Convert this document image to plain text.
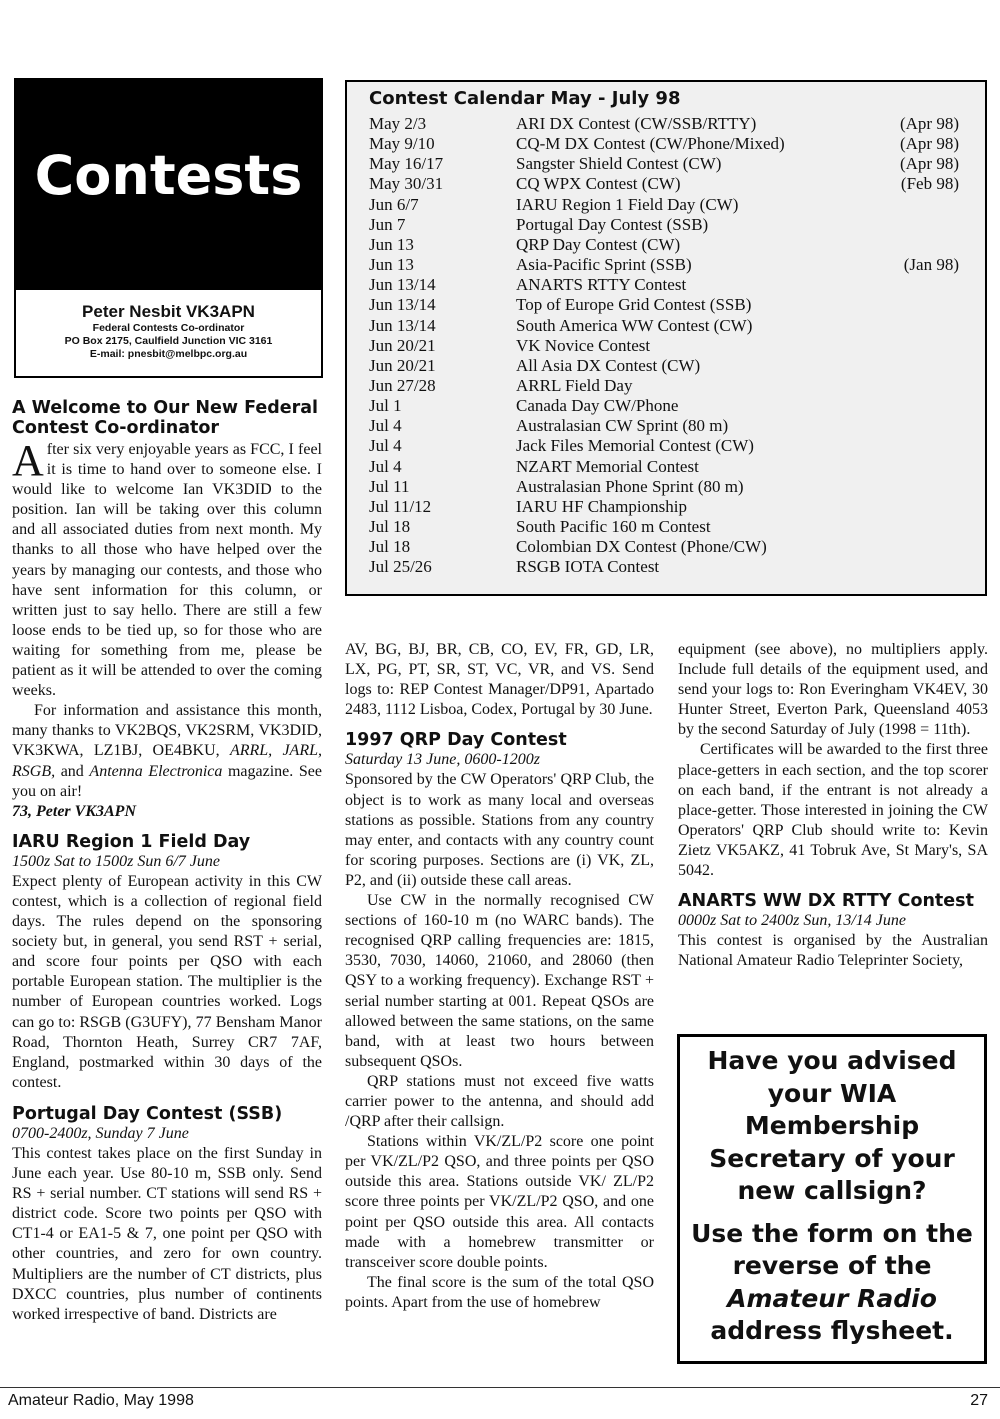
Contests
Peter Nesbit VK3APN
Federal Contests Co-ordinator
PO Box 2175, Caulfield Junction VIC 3161
E-mail: pnesbit@melbpc.org.au
Contest Calendar May - July 98
May 2/3	ARI DX Contest (CW/SSB/RTTY)	(Apr 98)
May 9/10	CQ-M DX Contest (CW/Phone/Mixed)	(Apr 98)
May 16/17	Sangster Shield Contest (CW)	(Apr 98)
May 30/31	CQ WPX Contest (CW)	(Feb 98)
Jun 6/7	IARU Region 1 Field Day (CW)
Jun 7	Portugal Day Contest (SSB)
Jun 13	QRP Day Contest (CW)
Jun 13	Asia-Pacific Sprint (SSB)	(Jan 98)
Jun 13/14	ANARTS RTTY Contest
Jun 13/14	Top of Europe Grid Contest (SSB)
Jun 13/14	South America WW Contest (CW)
Jun 20/21	VK Novice Contest
Jun 20/21	All Asia DX Contest (CW)
Jun 27/28	ARRL Field Day
Jul 1	Canada Day CW/Phone
Jul 4	Australasian CW Sprint (80 m)
Jul 4	Jack Files Memorial Contest (CW)
Jul 4	NZART Memorial Contest
Jul 11	Australasian Phone Sprint (80 m)
Jul 11/12	IARU HF Championship
Jul 18	South Pacific 160 m Contest
Jul 18	Colombian DX Contest (Phone/CW)
Jul 25/26	RSGB IOTA Contest

A Welcome to Our New Federal Contest Co-ordinator

After six very enjoyable years as FCC, I feel it is time to hand over to someone else. I would like to welcome Ian VK3DID to the position. Ian will be taking over this column and all associated duties from next month. My thanks to all those who have helped over the years by managing our contests, and those who have sent information for this column, or written just to say hello. There are still a few loose ends to be tied up, so for those who are waiting for something from me, please be patient as it will be attended to over the coming weeks.

For information and assistance this month, many thanks to VK2BQS, VK2SRM, VK3DID, VK3KWA, LZ1BJ, OE4BKU, ARRL, JARL, RSGB, and Antenna Electronica magazine. See you on air!

73, Peter VK3APN

IARU Region 1 Field Day

1500z Sat to 1500z Sun 6/7 June

Expect plenty of European activity in this CW contest, which is a collection of regional field days. The rules depend on the sponsoring society but, in general, you send RST + serial, and score four points per QSO with each portable European station. The multiplier is the number of European countries worked. Logs can go to: RSGB (G3UFY), 77 Bensham Manor Road, Thornton Heath, Surrey CR7 7AF, England, postmarked within 30 days of the contest.

Portugal Day Contest (SSB)

0700-2400z, Sunday 7 June

This contest takes place on the first Sunday in June each year. Use 80-10 m, SSB only. Send RS + serial number. CT stations will send RS + district code. Score two points per QSO with CT1-4 or EA1-5 & 7, one point per QSO with other countries, and zero for own country. Multipliers are the number of CT districts, plus DXCC countries, plus number of continents worked irrespective of band. Districts are

AV, BG, BJ, BR, CB, CO, EV, FR, GD, LR, LX, PG, PT, SR, ST, VC, VR, and VS. Send logs to: REP Contest Manager/DP91, Apartado 2483, 1112 Lisboa, Codex, Portugal by 30 June.

1997 QRP Day Contest

Saturday 13 June, 0600-1200z

Sponsored by the CW Operators' QRP Club, the object is to work as many local and overseas stations as possible. Stations from any country may enter, and contacts with any country count for scoring purposes. Sections are (i) VK, ZL, P2, and (ii) outside these call areas.

Use CW in the normally recognised CW sections of 160-10 m (no WARC bands). The recognised QRP calling frequencies are: 1815, 3530, 7030, 14060, 21060, and 28060 (then QSY to a working frequency). Exchange RST + serial number starting at 001. Repeat QSOs are allowed between the same stations, on the same band, with at least two hours between subsequent QSOs.

QRP stations must not exceed five watts carrier power to the antenna, and should add /QRP after their callsign.

Stations within VK/ZL/P2 score one point per VK/ZL/P2 QSO, and three points per QSO outside this area. Stations outside VK/ ZL/P2 score three points per VK/ZL/P2 QSO, and one point per QSO outside this area. All contacts made with a homebrew transmitter or transceiver score double points.

The final score is the sum of the total QSO points. Apart from the use of homebrew

equipment (see above), no multipliers apply. Include full details of the equipment used, and send your logs to: Ron Everingham VK4EV, 30 Hunter Street, Everton Park, Queensland 4053 by the second Saturday of July (1998 = 11th).

Certificates will be awarded to the first three place-getters in each section, and the top scorer on each band, if the entrant is not already a place-getter. Those interested in joining the CW Operators' QRP Club should write to: Kevin Zietz VK5AKZ, 41 Tobruk Ave, St Mary's, SA 5042.

ANARTS WW DX RTTY Contest

0000z Sat to 2400z Sun, 13/14 June

This contest is organised by the Australian National Amateur Radio Teleprinter Society,

Have you advised your WIA Membership Secretary of your new callsign?
Use the form on the reverse of the Amateur Radio address flysheet.
Amateur Radio, May 1998	27
